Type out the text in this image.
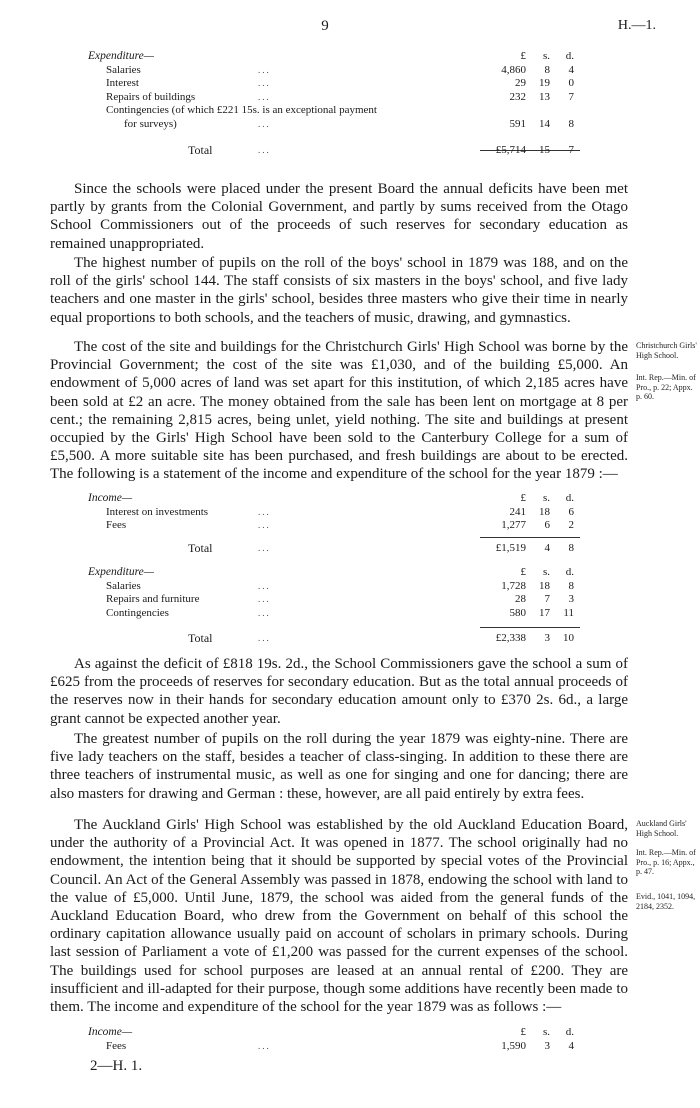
9	H.—1.
Expenditure—	£	s.	d.
Salaries	...	4,860	8	4
Interest	...	29	19	0
Repairs of buildings	...	232	13	7
Contingencies (of which £221 15s. is an exceptional payment
for surveys)	...	591	14	8
Total	...	£5,714	15	7

Since the schools were placed under the present Board the annual deficits have been met partly by grants from the Colonial Government, and partly by sums received from the Otago School Commissioners out of the proceeds of such reserves for secondary education as remained unappropriated.

The highest number of pupils on the roll of the boys' school in 1879 was 188, and on the roll of the girls' school 144. The staff consists of six masters in the boys' school, and five lady teachers and one master in the girls' school, besides three masters who give their time in nearly equal proportions to both schools, and the teachers of music, drawing, and gymnastics.

The cost of the site and buildings for the Christchurch Girls' High School was borne by the Provincial Government; the cost of the site was £1,030, and of the building £5,000. An endowment of 5,000 acres of land was set apart for this institution, of which 2,185 acres have been sold at £2 an acre. The money obtained from the sale has been lent on mortgage at 8 per cent.; the remaining 2,815 acres, being unlet, yield nothing. The site and buildings at present occupied by the Girls' High School have been sold to the Canterbury College for a sum of £5,500. A more suitable site has been purchased, and fresh buildings are about to be erected. The following is a statement of the income and expenditure of the school for the year 1879 :—

Christchurch Girls' High School.
Int. Rep.—Min. of Pro., p. 22; Appx. p. 60.
Income—	£	s.	d.
Interest on investments	...	241	18	6
Fees	...	1,277	6	2
Total	...	£1,519	4	8
Expenditure—	£	s.	d.
Salaries	...	1,728	18	8
Repairs and furniture	...	28	7	3
Contingencies	...	580	17	11
Total	...	£2,338	3	10

As against the deficit of £818 19s. 2d., the School Commissioners gave the school a sum of £625 from the proceeds of reserves for secondary education. But as the total annual proceeds of the reserves now in their hands for secondary education amount only to £370 2s. 6d., a large grant cannot be expected another year.

The greatest number of pupils on the roll during the year 1879 was eighty-nine. There are five lady teachers on the staff, besides a teacher of class-singing. In addition to these there are three teachers of instrumental music, as well as one for singing and one for dancing; there are also masters for drawing and German : these, however, are all paid entirely by extra fees.

The Auckland Girls' High School was established by the old Auckland Education Board, under the authority of a Provincial Act. It was opened in 1877. The school originally had no endowment, the intention being that it should be supported by special votes of the Provincial Council. An Act of the General Assembly was passed in 1878, endowing the school with land to the value of £5,000. Until June, 1879, the school was aided from the general funds of the Auckland Education Board, who drew from the Government on behalf of this school the ordinary capitation allowance usually paid on account of scholars in primary schools. During last session of Parliament a vote of £1,200 was passed for the current expenses of the school. The buildings used for school purposes are leased at an annual rental of £200. They are insufficient and ill-adapted for their purpose, though some additions have recently been made to them. The income and expenditure of the school for the year 1879 was as follows :—

Auckland Girls' High School.
Int. Rep.—Min. of Pro., p. 16; Appx., p. 47.
Evid., 1041, 1094, 2184, 2352.
Income—	£	s.	d.
Fees	...	1,590	3	4
2—H. 1.
